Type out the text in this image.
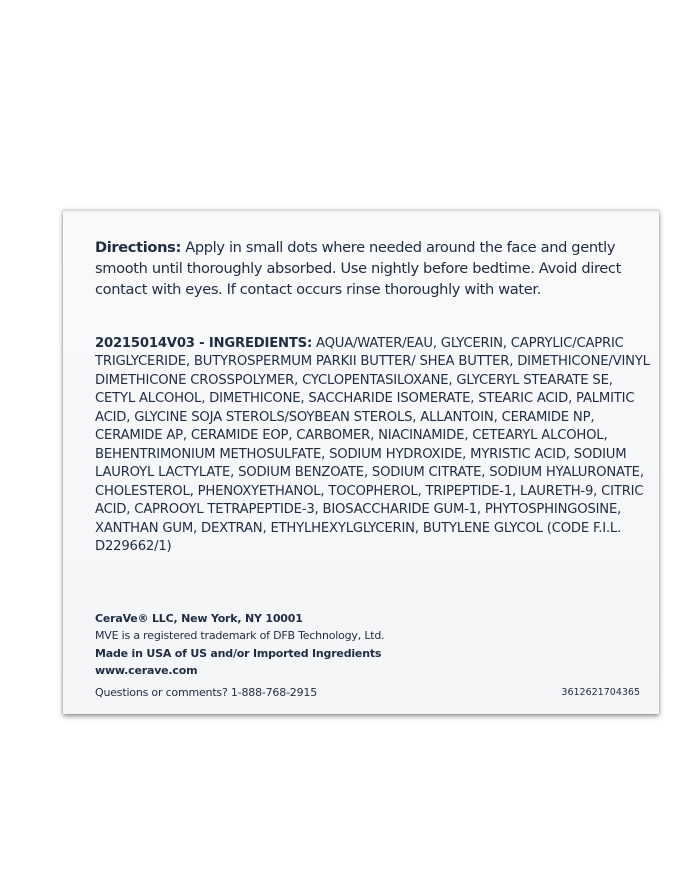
Directions: Apply in small dots where needed around the face and gently smooth until thoroughly absorbed. Use nightly before bedtime. Avoid direct contact with eyes. If contact occurs rinse thoroughly with water.
20215014V03 - INGREDIENTS: AQUA/WATER/EAU, GLYCERIN, CAPRYLIC/CAPRIC TRIGLYCERIDE, BUTYROSPERMUM PARKII BUTTER/ SHEA BUTTER, DIMETHICONE/VINYL DIMETHICONE CROSSPOLYMER, CYCLOPENTASILOXANE, GLYCERYL STEARATE SE, CETYL ALCOHOL, DIMETHICONE, SACCHARIDE ISOMERATE, STEARIC ACID, PALMITIC ACID, GLYCINE SOJA STEROLS/SOYBEAN STEROLS, ALLANTOIN, CERAMIDE NP, CERAMIDE AP, CERAMIDE EOP, CARBOMER, NIACINAMIDE, CETEARYL ALCOHOL, BEHENTRIMONIUM METHOSULFATE, SODIUM HYDROXIDE, MYRISTIC ACID, SODIUM LAUROYL LACTYLATE, SODIUM BENZOATE, SODIUM CITRATE, SODIUM HYALURONATE, CHOLESTEROL, PHENOXYETHANOL, TOCOPHEROL, TRIPEPTIDE-1, LAURETH-9, CITRIC ACID, CAPROOYL TETRAPEPTIDE-3, BIOSACCHARIDE GUM-1, PHYTOSPHINGOSINE, XANTHAN GUM, DEXTRAN, ETHYLHEXYLGLYCERIN, BUTYLENE GLYCOL (CODE F.I.L. D229662/1)
CeraVe® LLC, New York, NY 10001
MVE is a registered trademark of DFB Technology, Ltd.
Made in USA of US and/or Imported Ingredients
www.cerave.com
Questions or comments? 1-888-768-2915	3612621704365
